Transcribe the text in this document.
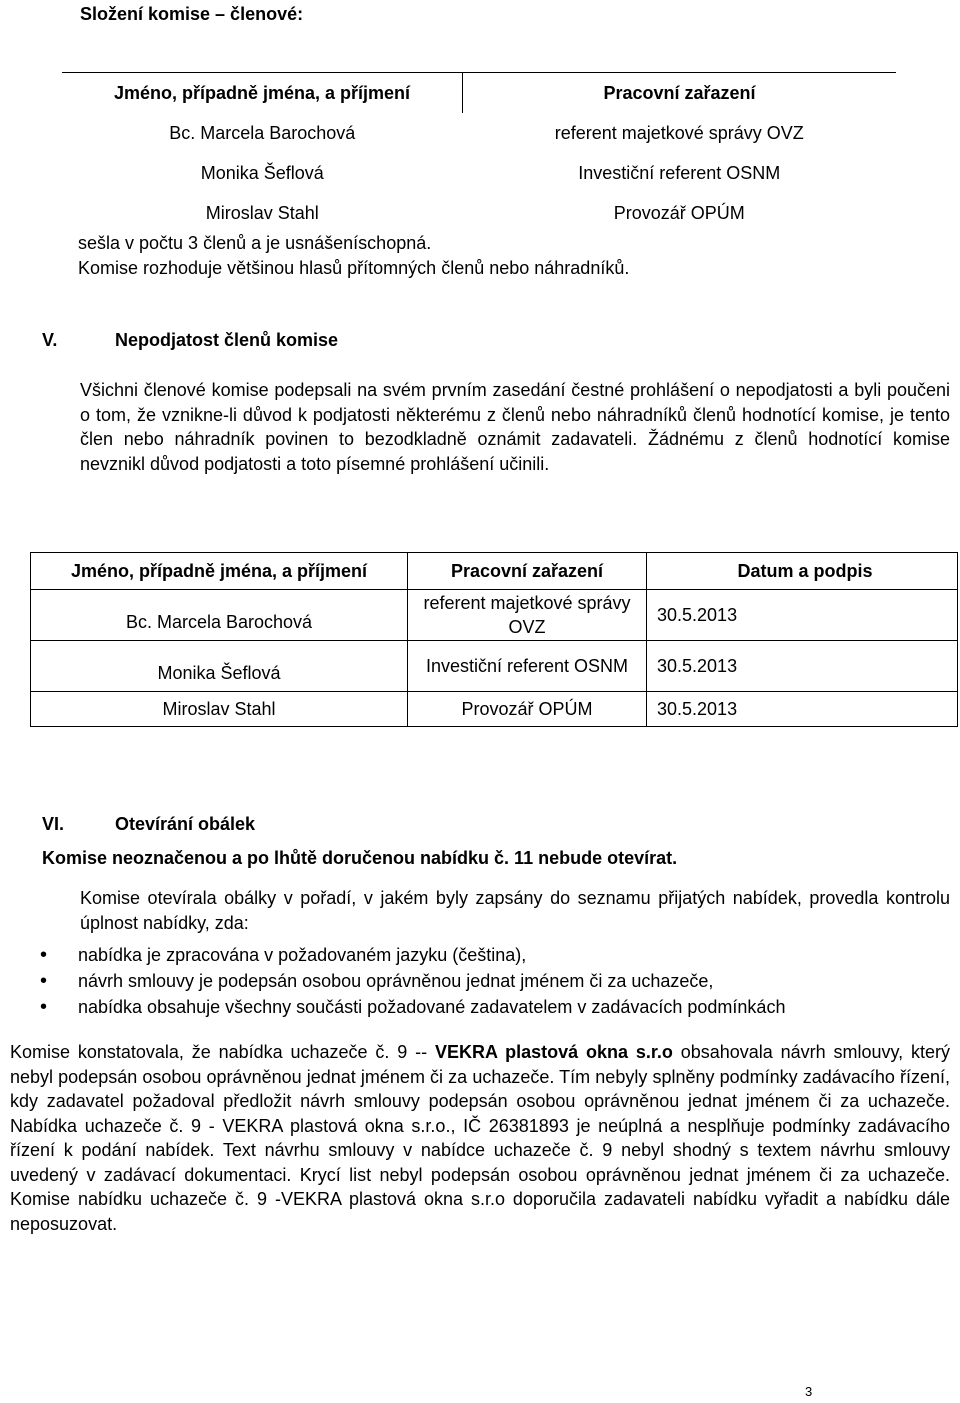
Složení komise – členové:
Jméno, případně jména, a příjmení	Pracovní zařazení
Bc. Marcela Barochová	referent majetkové správy OVZ
Monika Šeflová	Investiční referent OSNM
Miroslav Stahl	Provozář OPÚM
sešla v počtu 3 členů a je usnášeníschopná.
Komise rozhoduje většinou hlasů přítomných členů nebo náhradníků.
V.	Nepodjatost členů komise
Všichni členové komise podepsali na svém prvním zasedání čestné prohlášení o nepodjatosti a byli poučeni o tom, že vznikne-li důvod k podjatosti některému z členů nebo náhradníků členů hodnotící komise, je tento člen nebo náhradník povinen to bezodkladně oznámit zadavateli. Žádnému z členů hodnotící komise nevznikl důvod podjatosti a toto písemné prohlášení učinili.
Jméno, případně jména, a příjmení	Pracovní zařazení	Datum a podpis

Bc. Marcela Barochová	referent majetkové správy OVZ	30.5.2013

Monika Šeflová	Investiční referent OSNM	30.5.2013
Miroslav Stahl	Provozář OPÚM	30.5.2013
VI.	Otevírání obálek
Komise neoznačenou a po lhůtě doručenou nabídku č. 11 nebude otevírat.
Komise otevírala obálky v pořadí, v jakém byly zapsány do seznamu přijatých nabídek, provedla kontrolu úplnost nabídky, zda:
• nabídka je zpracována v požadovaném jazyku (čeština),
• návrh smlouvy je podepsán osobou oprávněnou jednat jménem či za uchazeče,
• nabídka obsahuje všechny součásti požadované zadavatelem v zadávacích podmínkách
Komise konstatovala, že nabídka uchazeče č. 9 -- VEKRA plastová okna s.r.o obsahovala návrh smlouvy, který nebyl podepsán osobou oprávněnou jednat jménem či za uchazeče. Tím nebyly splněny podmínky zadávacího řízení, kdy zadavatel požadoval předložit návrh smlouvy podepsán osobou oprávněnou jednat jménem či za uchazeče. Nabídka uchazeče č. 9 - VEKRA plastová okna s.r.o., IČ 26381893 je neúplná a nesplňuje podmínky zadávacího řízení k podání nabídek. Text návrhu smlouvy v nabídce uchazeče č. 9 nebyl shodný s textem návrhu smlouvy uvedený v zadávací dokumentaci. Krycí list nebyl podepsán osobou oprávněnou jednat jménem či za uchazeče. Komise nabídku uchazeče č. 9 -VEKRA plastová okna s.r.o doporučila zadavateli nabídku vyřadit a nabídku dále neposuzovat.
3
